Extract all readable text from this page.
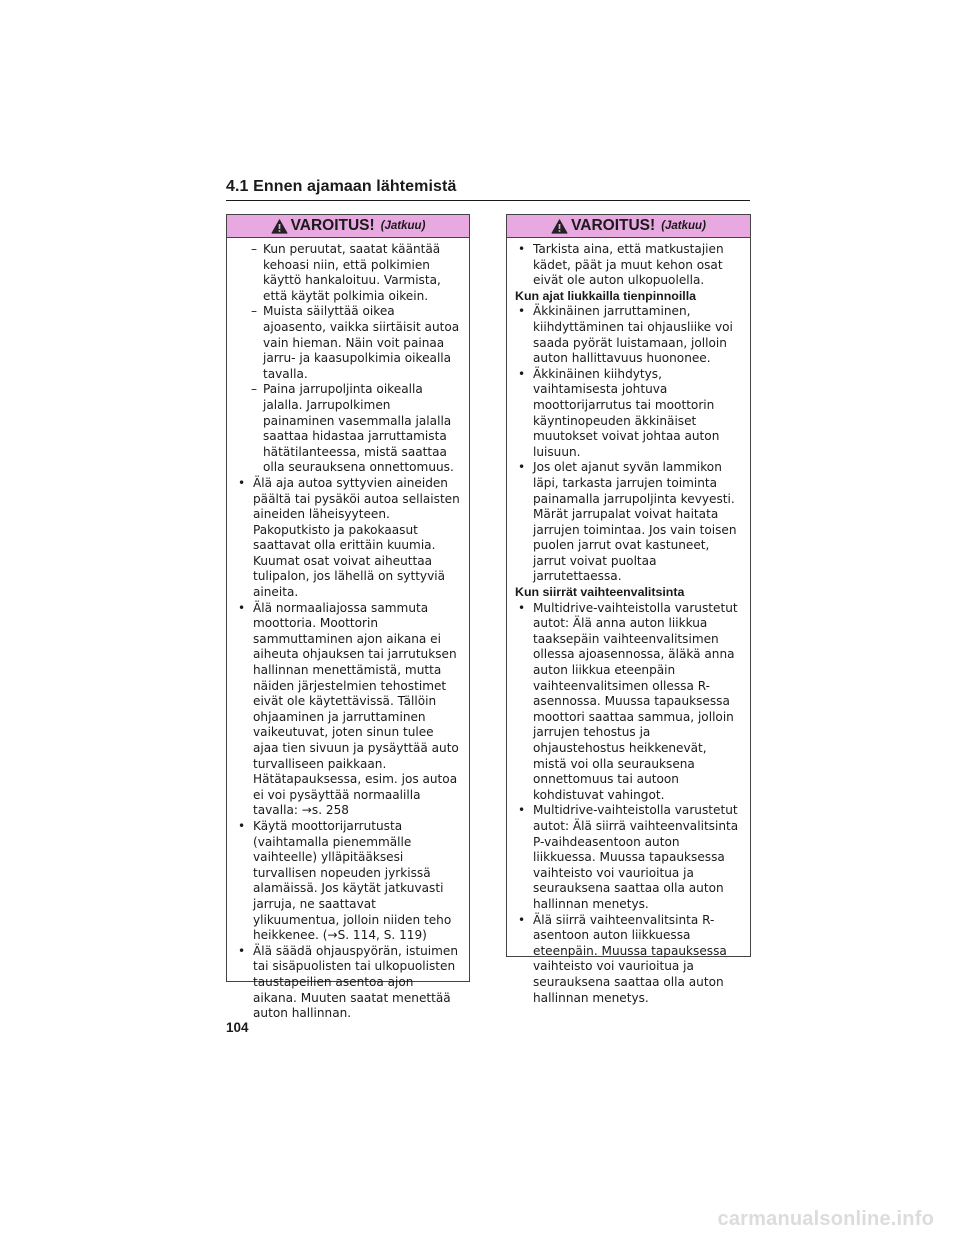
4.1 Ennen ajamaan lähtemistä
VAROITUS! (Jatkuu)
– Kun peruutat, saatat kääntää kehoasi niin, että polkimien käyttö hankaloituu. Varmista, että käytät polkimia oikein.
– Muista säilyttää oikea ajoasento, vaikka siirtäisit autoa vain hieman. Näin voit painaa jarru- ja kaasupolkimia oikealla tavalla.
– Paina jarrupoljinta oikealla jalalla. Jarrupolkimen painaminen vasemmalla jalalla saattaa hidastaa jarruttamista hätätilanteessa, mistä saattaa olla seurauksena onnettomuus.
• Älä aja autoa syttyvien aineiden päältä tai pysäköi autoa sellaisten aineiden läheisyyteen. Pakoputkisto ja pakokaasut saattavat olla erittäin kuumia. Kuumat osat voivat aiheuttaa tulipalon, jos lähellä on syttyviä aineita.
• Älä normaaliajossa sammuta moottoria. Moottorin sammuttaminen ajon aikana ei aiheuta ohjauksen tai jarrutuksen hallinnan menettämistä, mutta näiden järjestelmien tehostimet eivät ole käytettävissä. Tällöin ohjaaminen ja jarruttaminen vaikeutuvat, joten sinun tulee ajaa tien sivuun ja pysäyttää auto turvalliseen paikkaan.
Hätätapauksessa, esim. jos autoa ei voi pysäyttää normaalilla tavalla: →s. 258
• Käytä moottorijarrutusta (vaihtamalla pienemmälle vaihteelle) ylläpitääksesi turvallisen nopeuden jyrkissä alamäissä. Jos käytät jatkuvasti jarruja, ne saattavat ylikuumentua, jolloin niiden teho heikkenee. (→S. 114, S. 119)
• Älä säädä ohjauspyörän, istuimen tai sisäpuolisten tai ulkopuolisten taustapeilien asentoa ajon aikana. Muuten saatat menettää auton hallinnan.
VAROITUS! (Jatkuu)
• Tarkista aina, että matkustajien kädet, päät ja muut kehon osat eivät ole auton ulkopuolella.
Kun ajat liukkailla tienpinnoilla
• Äkkinäinen jarruttaminen, kiihdyttäminen tai ohjausliike voi saada pyörät luistamaan, jolloin auton hallittavuus huononee.
• Äkkinäinen kiihdytys, vaihtamisesta johtuva moottorijarrutus tai moottorin käyntinopeuden äkkinäiset muutokset voivat johtaa auton luisuun.
• Jos olet ajanut syvän lammikon läpi, tarkasta jarrujen toiminta painamalla jarrupoljinta kevyesti. Märät jarrupalat voivat haitata jarrujen toimintaa. Jos vain toisen puolen jarrut ovat kastuneet, jarrut voivat puoltaa jarrutettaessa.
Kun siirrät vaihteenvalitsinta
• Multidrive-vaihteistolla varustetut autot: Älä anna auton liikkua taaksepäin vaihteenvalitsimen ollessa ajoasennossa, äläkä anna auton liikkua eteenpäin vaihteenvalitsimen ollessa R-asennossa. Muussa tapauksessa moottori saattaa sammua, jolloin jarrujen tehostus ja ohjaustehostus heikkenevät, mistä voi olla seurauksena onnettomuus tai autoon kohdistuvat vahingot.
• Multidrive-vaihteistolla varustetut autot: Älä siirrä vaihteenvalitsinta P-vaihdeasentoon auton liikkuessa. Muussa tapauksessa vaihteisto voi vaurioitua ja seurauksena saattaa olla auton hallinnan menetys.
• Älä siirrä vaihteenvalitsinta R-asentoon auton liikkuessa eteenpäin. Muussa tapauksessa vaihteisto voi vaurioitua ja seurauksena saattaa olla auton hallinnan menetys.
104
carmanualsonline.info
